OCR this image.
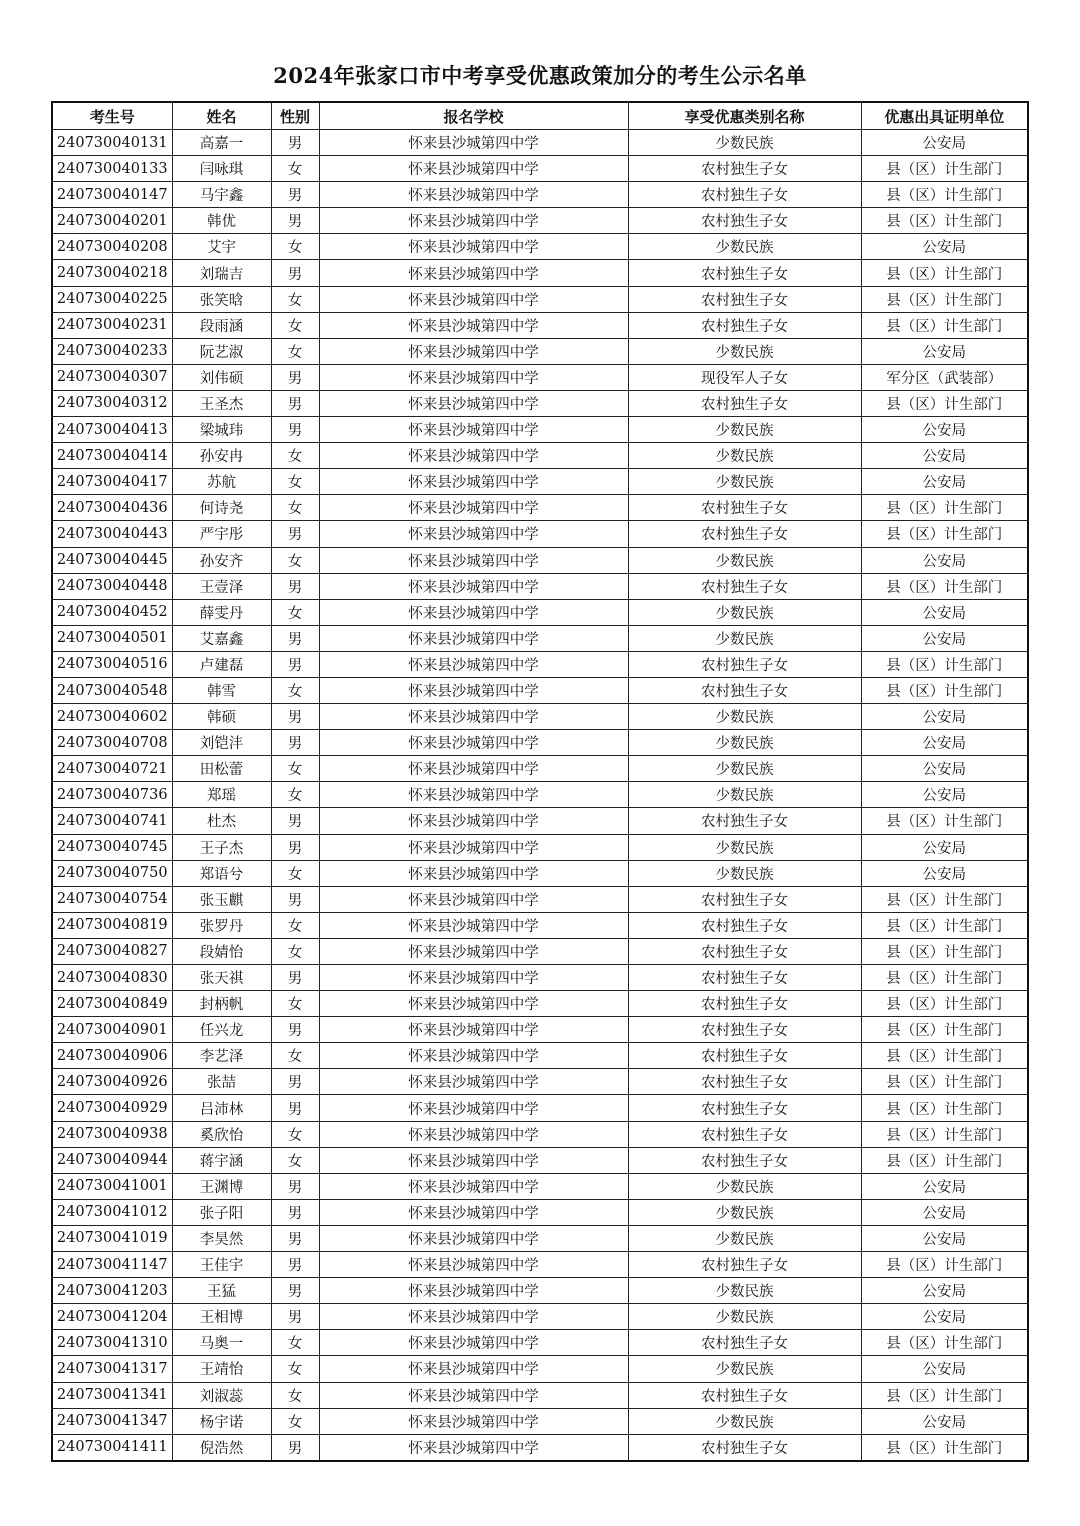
2024年张家口市中考享受优惠政策加分的考生公示名单
考生号	姓名	性别	报名学校	享受优惠类别名称	优惠出具证明单位
240730040131	高嘉一	男	怀来县沙城第四中学	少数民族	公安局
240730040133	闫咏琪	女	怀来县沙城第四中学	农村独生子女	县（区）计生部门
240730040147	马宇鑫	男	怀来县沙城第四中学	农村独生子女	县（区）计生部门
240730040201	韩优	男	怀来县沙城第四中学	农村独生子女	县（区）计生部门
240730040208	艾宇	女	怀来县沙城第四中学	少数民族	公安局
240730040218	刘瑞吉	男	怀来县沙城第四中学	农村独生子女	县（区）计生部门
240730040225	张笑晗	女	怀来县沙城第四中学	农村独生子女	县（区）计生部门
240730040231	段雨涵	女	怀来县沙城第四中学	农村独生子女	县（区）计生部门
240730040233	阮艺淑	女	怀来县沙城第四中学	少数民族	公安局
240730040307	刘伟硕	男	怀来县沙城第四中学	现役军人子女	军分区（武装部）
240730040312	王圣杰	男	怀来县沙城第四中学	农村独生子女	县（区）计生部门
240730040413	梁城玮	男	怀来县沙城第四中学	少数民族	公安局
240730040414	孙安冉	女	怀来县沙城第四中学	少数民族	公安局
240730040417	苏航	女	怀来县沙城第四中学	少数民族	公安局
240730040436	何诗尧	女	怀来县沙城第四中学	农村独生子女	县（区）计生部门
240730040443	严宇彤	男	怀来县沙城第四中学	农村独生子女	县（区）计生部门
240730040445	孙安齐	女	怀来县沙城第四中学	少数民族	公安局
240730040448	王壹泽	男	怀来县沙城第四中学	农村独生子女	县（区）计生部门
240730040452	薛雯丹	女	怀来县沙城第四中学	少数民族	公安局
240730040501	艾嘉鑫	男	怀来县沙城第四中学	少数民族	公安局
240730040516	卢建磊	男	怀来县沙城第四中学	农村独生子女	县（区）计生部门
240730040548	韩雪	女	怀来县沙城第四中学	农村独生子女	县（区）计生部门
240730040602	韩硕	男	怀来县沙城第四中学	少数民族	公安局
240730040708	刘铠沣	男	怀来县沙城第四中学	少数民族	公安局
240730040721	田松蕾	女	怀来县沙城第四中学	少数民族	公安局
240730040736	郑瑶	女	怀来县沙城第四中学	少数民族	公安局
240730040741	杜杰	男	怀来县沙城第四中学	农村独生子女	县（区）计生部门
240730040745	王子杰	男	怀来县沙城第四中学	少数民族	公安局
240730040750	郑语兮	女	怀来县沙城第四中学	少数民族	公安局
240730040754	张玉麒	男	怀来县沙城第四中学	农村独生子女	县（区）计生部门
240730040819	张罗丹	女	怀来县沙城第四中学	农村独生子女	县（区）计生部门
240730040827	段婧怡	女	怀来县沙城第四中学	农村独生子女	县（区）计生部门
240730040830	张天祺	男	怀来县沙城第四中学	农村独生子女	县（区）计生部门
240730040849	封柄帆	女	怀来县沙城第四中学	农村独生子女	县（区）计生部门
240730040901	任兴龙	男	怀来县沙城第四中学	农村独生子女	县（区）计生部门
240730040906	李艺泽	女	怀来县沙城第四中学	农村独生子女	县（区）计生部门
240730040926	张喆	男	怀来县沙城第四中学	农村独生子女	县（区）计生部门
240730040929	吕沛林	男	怀来县沙城第四中学	农村独生子女	县（区）计生部门
240730040938	奚欣怡	女	怀来县沙城第四中学	农村独生子女	县（区）计生部门
240730040944	蒋宇涵	女	怀来县沙城第四中学	农村独生子女	县（区）计生部门
240730041001	王渊博	男	怀来县沙城第四中学	少数民族	公安局
240730041012	张子阳	男	怀来县沙城第四中学	少数民族	公安局
240730041019	李昊然	男	怀来县沙城第四中学	少数民族	公安局
240730041147	王佳宇	男	怀来县沙城第四中学	农村独生子女	县（区）计生部门
240730041203	王猛	男	怀来县沙城第四中学	少数民族	公安局
240730041204	王相博	男	怀来县沙城第四中学	少数民族	公安局
240730041310	马奥一	女	怀来县沙城第四中学	农村独生子女	县（区）计生部门
240730041317	王靖怡	女	怀来县沙城第四中学	少数民族	公安局
240730041341	刘淑蕊	女	怀来县沙城第四中学	农村独生子女	县（区）计生部门
240730041347	杨宇诺	女	怀来县沙城第四中学	少数民族	公安局
240730041411	倪浩然	男	怀来县沙城第四中学	农村独生子女	县（区）计生部门
